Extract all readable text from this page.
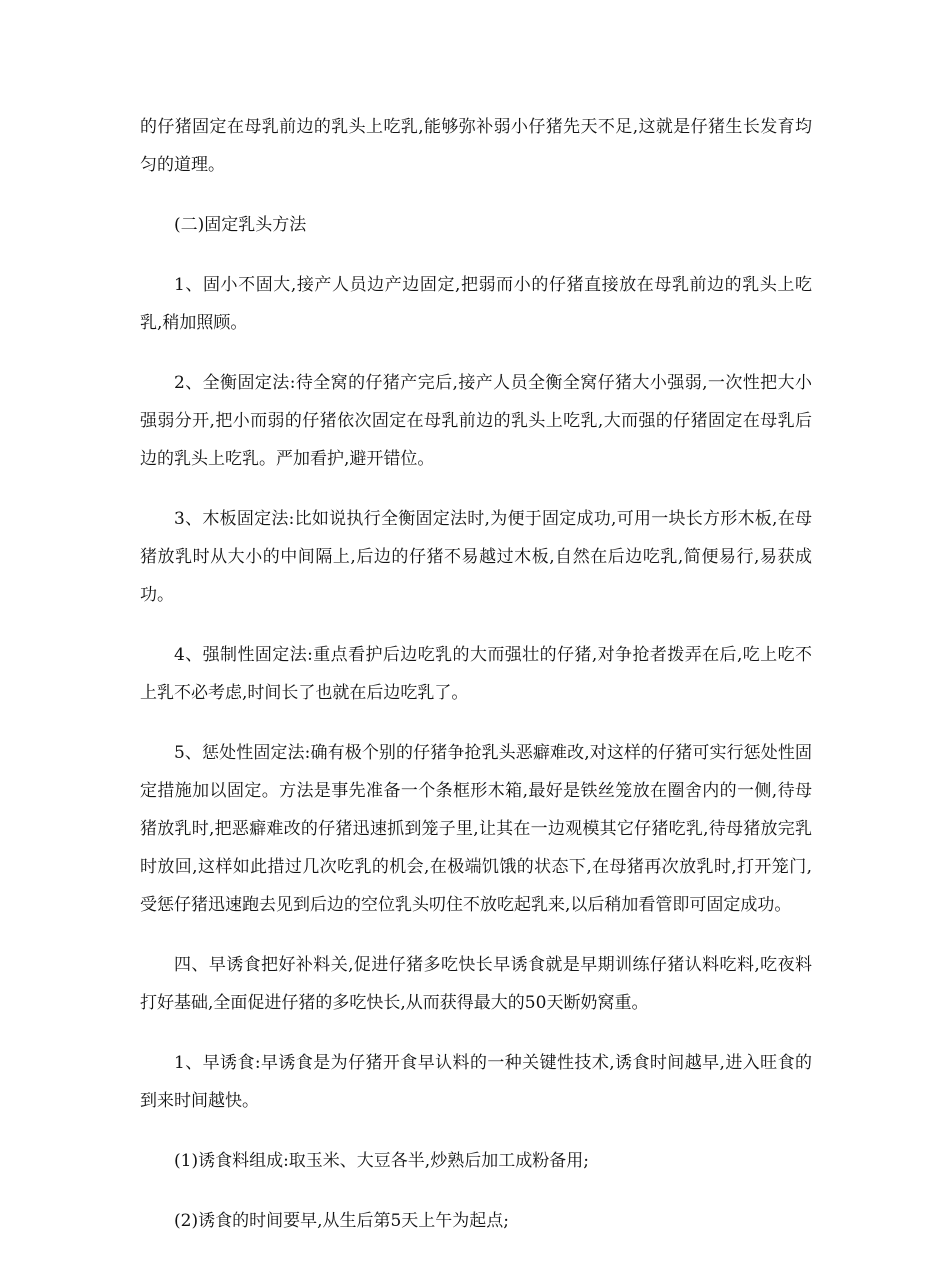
的仔猪固定在母乳前边的乳头上吃乳,能够弥补弱小仔猪先天不足,这就是仔猪生长发育均匀的道理。

(二)固定乳头方法

1、固小不固大,接产人员边产边固定,把弱而小的仔猪直接放在母乳前边的乳头上吃乳,稍加照顾。

2、全衡固定法:待全窝的仔猪产完后,接产人员全衡全窝仔猪大小强弱,一次性把大小强弱分开,把小而弱的仔猪依次固定在母乳前边的乳头上吃乳,大而强的仔猪固定在母乳后边的乳头上吃乳。严加看护,避开错位。

3、木板固定法:比如说执行全衡固定法时,为便于固定成功,可用一块长方形木板,在母猪放乳时从大小的中间隔上,后边的仔猪不易越过木板,自然在后边吃乳,简便易行,易获成功。

4、强制性固定法:重点看护后边吃乳的大而强壮的仔猪,对争抢者拨弄在后,吃上吃不上乳不必考虑,时间长了也就在后边吃乳了。

5、惩处性固定法:确有极个别的仔猪争抢乳头恶癖难改,对这样的仔猪可实行惩处性固定措施加以固定。方法是事先准备一个条框形木箱,最好是铁丝笼放在圈舍内的一侧,待母猪放乳时,把恶癖难改的仔猪迅速抓到笼子里,让其在一边观模其它仔猪吃乳,待母猪放完乳时放回,这样如此措过几次吃乳的机会,在极端饥饿的状态下,在母猪再次放乳时,打开笼门,受惩仔猪迅速跑去见到后边的空位乳头叨住不放吃起乳来,以后稍加看管即可固定成功。

四、早诱食把好补料关,促进仔猪多吃快长早诱食就是早期训练仔猪认料吃料,吃夜料打好基础,全面促进仔猪的多吃快长,从而获得最大的50天断奶窝重。

1、早诱食:早诱食是为仔猪开食早认料的一种关键性技术,诱食时间越早,进入旺食的到来时间越快。

(1)诱食料组成:取玉米、大豆各半,炒熟后加工成粉备用;

(2)诱食的时间要早,从生后第5天上午为起点;
